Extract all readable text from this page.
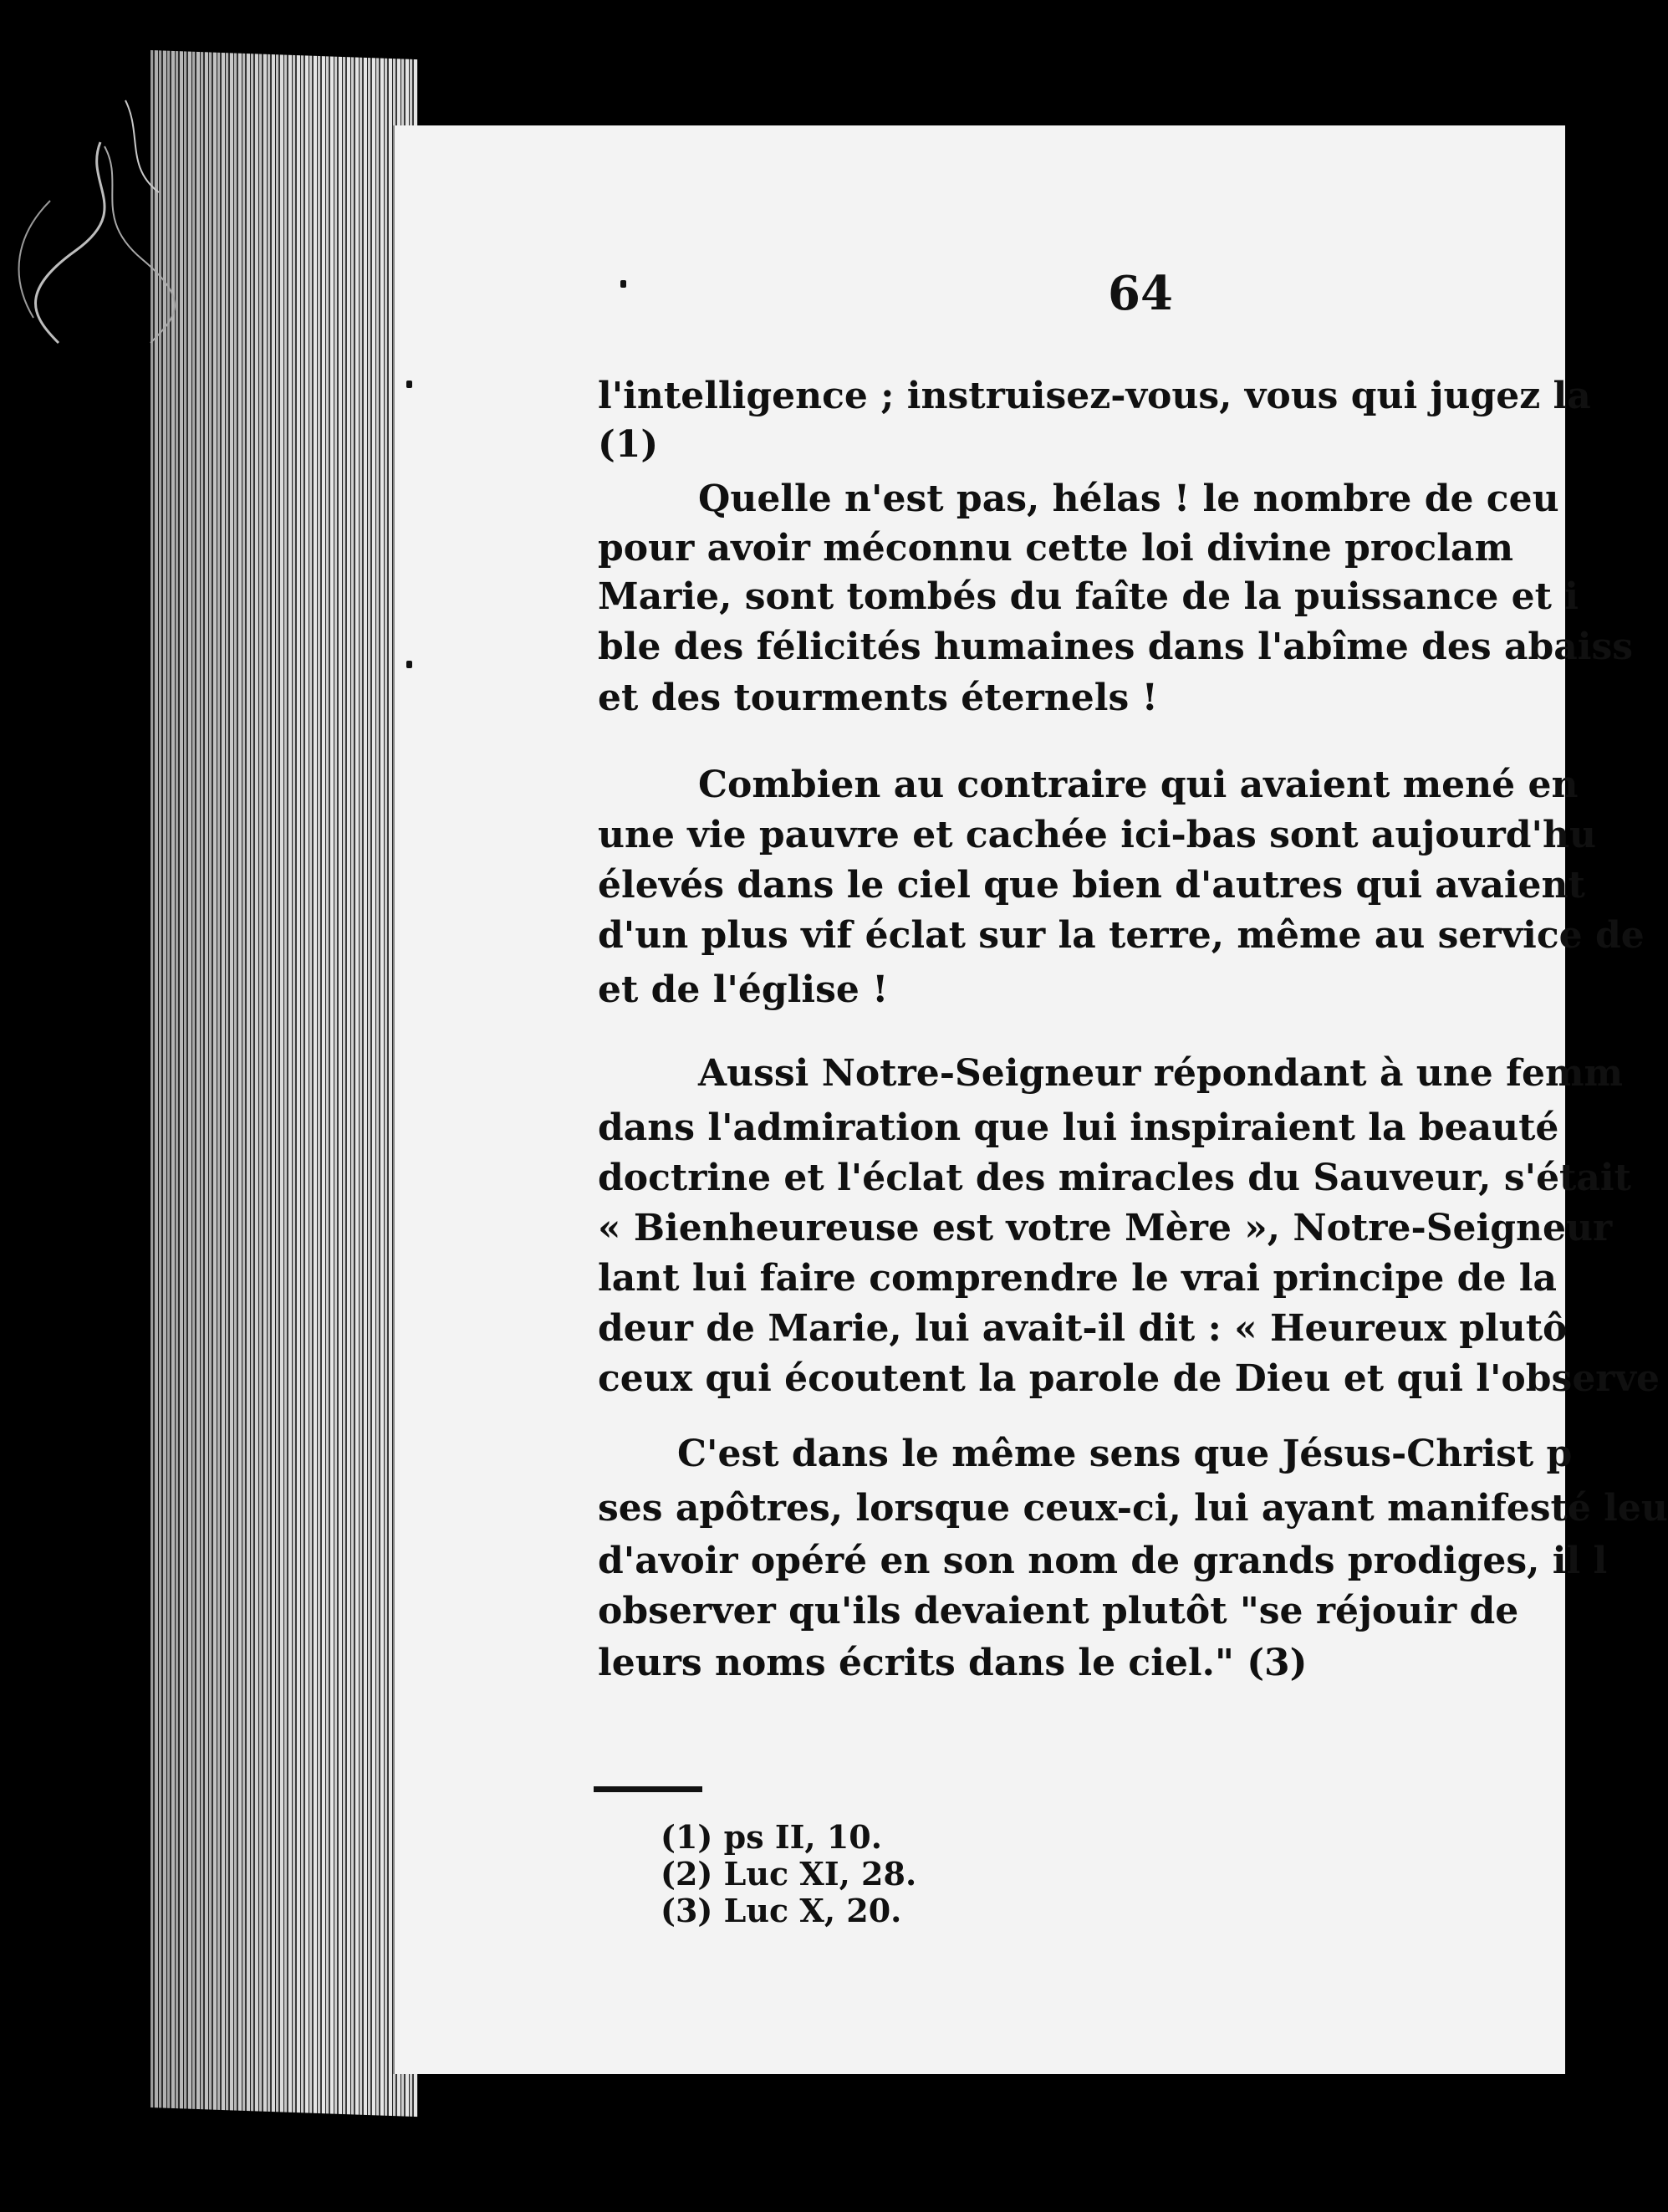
64
l'intelligence ; instruisez-vous, vous qui jugez la
(1)
Quelle n'est pas, hélas ! le nombre de ceu
pour avoir méconnu cette loi divine proclam
Marie, sont tombés du faîte de la puissance et i
ble des félicités humaines dans l'abîme des abaiss
et des tourments éternels !
Combien au contraire qui avaient mené en
une vie pauvre et cachée ici-bas sont aujourd'hu
élevés dans le ciel que bien d'autres qui avaient
d'un plus vif éclat sur la terre, même au service de
et de l'église !
Aussi Notre-Seigneur répondant à une femm
dans l'admiration que lui inspiraient la beauté
doctrine et l'éclat des miracles du Sauveur, s'était
« Bienheureuse est votre Mère », Notre-Seigneur
lant lui faire comprendre le vrai principe de la
deur de Marie, lui avait-il dit : « Heureux plutô
ceux qui écoutent la parole de Dieu et qui l'observe
C'est dans le même sens que Jésus-Christ p
ses apôtres, lorsque ceux-ci, lui ayant manifesté leu
d'avoir opéré en son nom de grands prodiges, il l
observer qu'ils devaient plutôt "se réjouir de
leurs noms écrits dans le ciel." (3)
(1) ps II, 10.
(2) Luc XI, 28.
(3) Luc X, 20.
